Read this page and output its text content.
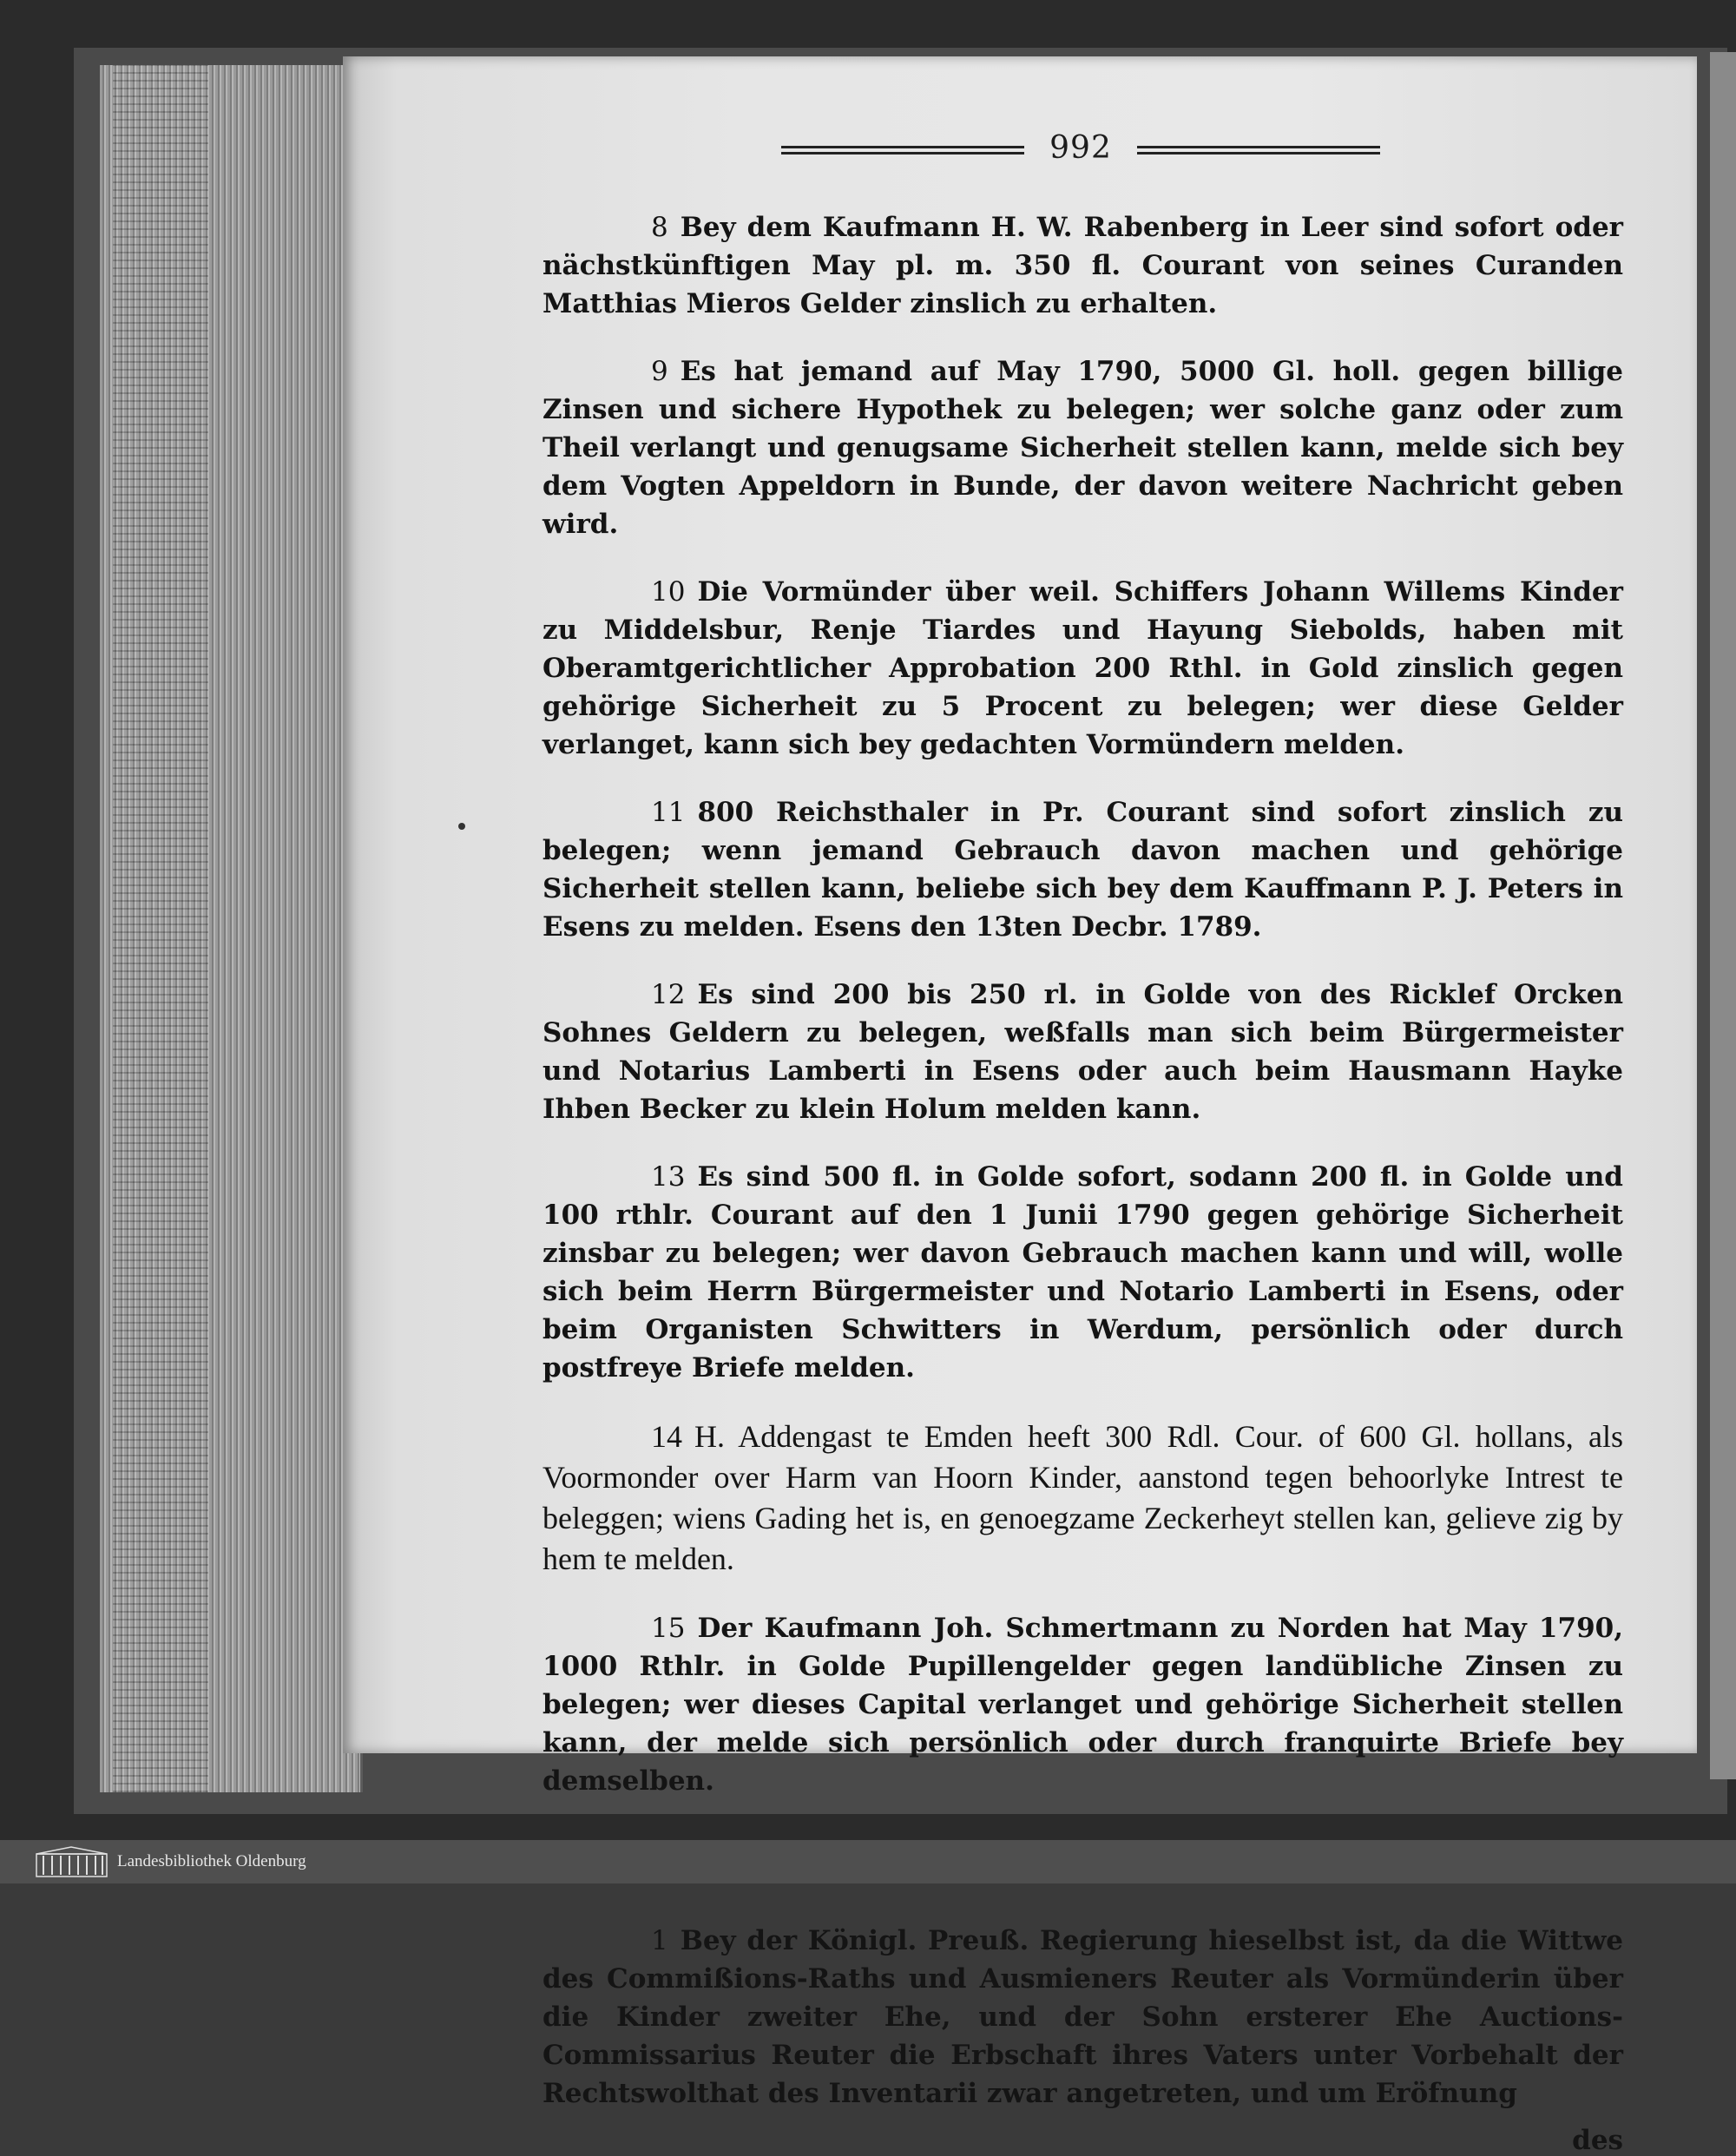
992

8 Bey dem Kaufmann H. W. Rabenberg in Leer sind sofort oder nächstkünftigen May pl. m. 350 fl. Courant von seines Curanden Matthias Mieros Gelder zinslich zu erhalten.

9 Es hat jemand auf May 1790, 5000 Gl. holl. gegen billige Zinsen und sichere Hypothek zu belegen; wer solche ganz oder zum Theil verlangt und genugsame Sicherheit stellen kann, melde sich bey dem Vogten Appeldorn in Bunde, der davon weitere Nachricht geben wird.

10 Die Vormünder über weil. Schiffers Johann Willems Kinder zu Middelsbur, Renje Tiardes und Hayung Siebolds, haben mit Oberamtgerichtlicher Approbation 200 Rthl. in Gold zinslich gegen gehörige Sicherheit zu 5 Procent zu belegen; wer diese Gelder verlanget, kann sich bey gedachten Vormündern melden.

11 800 Reichsthaler in Pr. Courant sind sofort zinslich zu belegen; wenn jemand Gebrauch davon machen und gehörige Sicherheit stellen kann, beliebe sich bey dem Kauffmann P. J. Peters in Esens zu melden. Esens den 13ten Decbr. 1789.

12 Es sind 200 bis 250 rl. in Golde von des Ricklef Orcken Sohnes Geldern zu belegen, weßfalls man sich beim Bürgermeister und Notarius Lamberti in Esens oder auch beim Hausmann Hayke Ihben Becker zu klein Holum melden kann.

13 Es sind 500 fl. in Golde sofort, sodann 200 fl. in Golde und 100 rthlr. Courant auf den 1 Junii 1790 gegen gehörige Sicherheit zinsbar zu belegen; wer davon Gebrauch machen kann und will, wolle sich beim Herrn Bürgermeister und Notario Lamberti in Esens, oder beim Organisten Schwitters in Werdum, persönlich oder durch postfreye Briefe melden.

14 H. Addengast te Emden heeft 300 Rdl. Cour. of 600 Gl. hollans, als Voormonder over Harm van Hoorn Kinder, aanstond tegen behoorlyke Intrest te beleggen; wiens Gading het is, en genoegzame Zeckerheyt stellen kan, gelieve zig by hem te melden.

15 Der Kaufmann Joh. Schmertmann zu Norden hat May 1790, 1000 Rthlr. in Golde Pupillengelder gegen landübliche Zinsen zu belegen; wer dieses Capital verlanget und gehörige Sicherheit stellen kann, der melde sich persönlich oder durch franquirte Briefe bey demselben.

1 Bey der Königl. Preuß. Regierung hieselbst ist, da die Wittwe des Commißions-Raths und Ausmieners Reuter als Vormünderin über die Kinder zweiter Ehe, und der Sohn ersterer Ehe Auctions-Commissarius Reuter die Erbschaft ihres Vaters unter Vorbehalt der Rechtswolthat des Inventarii zwar angetreten, und um Eröfnung

des
Landesbibliothek Oldenburg
